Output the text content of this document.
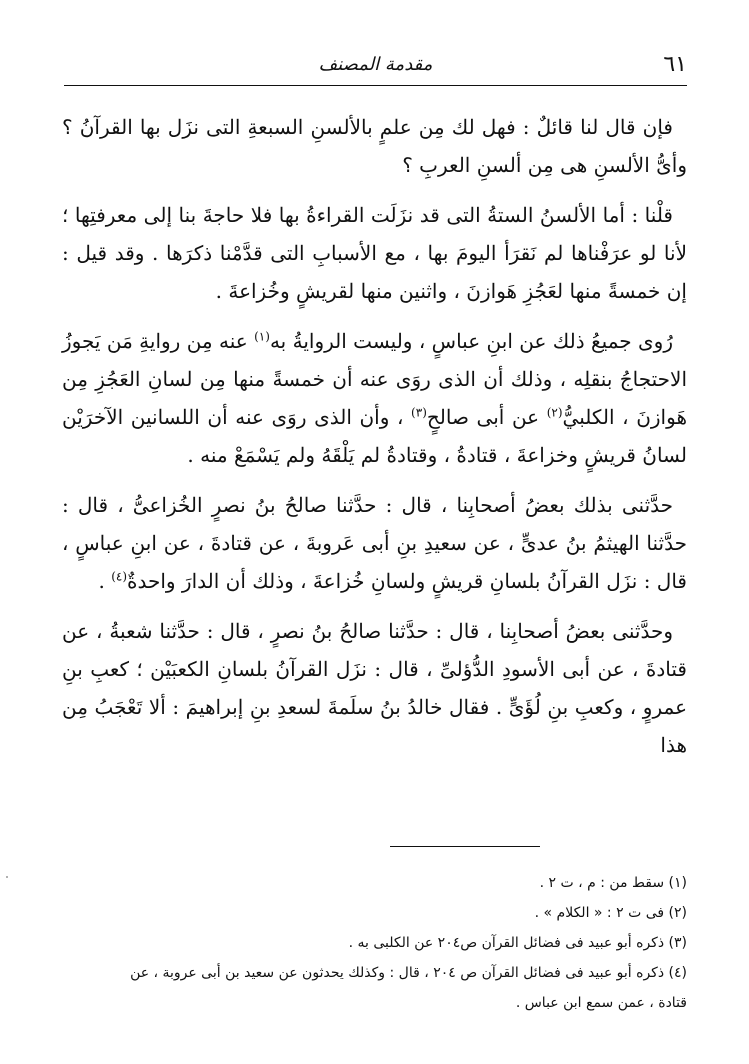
٦١
مقدمة المصنف

فإن قال لنا قائلٌ : فهل لك مِن علمٍ بالألسنِ السبعةِ التى نزَل بها القرآنُ ؟ وأىُّ الألسنِ هى مِن ألسنِ العربِ ؟

قلْنا : أما الألسنُ الستةُ التى قد نزَلَت القراءةُ بها فلا حاجةَ بنا إلى معرفتِها ؛ لأنا لو عرَفْناها لم نَقرَأ اليومَ بها ، مع الأسبابِ التى قدَّمْنا ذكرَها . وقد قيل : إن خمسةً منها لعَجُزِ هَوازنَ ، واثنين منها لقريشٍ وخُزاعةَ .

رُوى جميعُ ذلك عن ابنِ عباسٍ ، وليست الروايةُ به$^{(١)}$ عنه مِن روايةِ مَن يَجوزُ الاحتجاجُ بنقلِه ، وذلك أن الذى روَى عنه أن خمسةً منها مِن لسانِ العَجُزِ مِن هَوازنَ ، الكلبيُّ$^{(٢)}$ عن أبى صالحٍ$^{(٣)}$ ، وأن الذى روَى عنه أن اللسانين الآخرَيْن لسانُ قريشٍ وخزاعةَ ، قتادةُ ، وقتادةُ لم يَلْقَهُ ولم يَسْمَعْ منه .

حدَّثنى بذلك بعضُ أصحابِنا ، قال : حدَّثنا صالحُ بنُ نصرٍ الخُزاعىُّ ، قال : حدَّثنا الهيثمُ بنُ عدىٍّ ، عن سعيدِ بنِ أبى عَروبةَ ، عن قتادةَ ، عن ابنِ عباسٍ ، قال : نزَل القرآنُ بلسانِ قريشٍ ولسانِ خُزاعةَ ، وذلك أن الدارَ واحدةٌ$^{(٤)}$ .

وحدَّثنى بعضُ أصحابِنا ، قال : حدَّثنا صالحُ بنُ نصرٍ ، قال : حدَّثنا شعبةُ ، عن قتادةَ ، عن أبى الأسودِ الدُّؤلىِّ ، قال : نزَل القرآنُ بلسانِ الكعبَيْن ؛ كعبِ بنِ عمروٍ ، وكعبِ بنِ لُؤَىٍّ . فقال خالدُ بنُ سلَمةَ لسعدِ بنِ إبراهيمَ : ألا تَعْجَبُ مِن هذا

(١) سقط من : م ، ت ٢ .

(٢) فى ت ٢ : « الكلام » .

(٣) ذكره أبو عبيد فى فضائل القرآن ص٢٠٤ عن الكلبى به .

(٤) ذكره أبو عبيد فى فضائل القرآن ص ٢٠٤ ، قال : وكذلك يحدثون عن سعيد بن أبى عروبة ، عن قتادة ، عمن سمع ابن عباس .
